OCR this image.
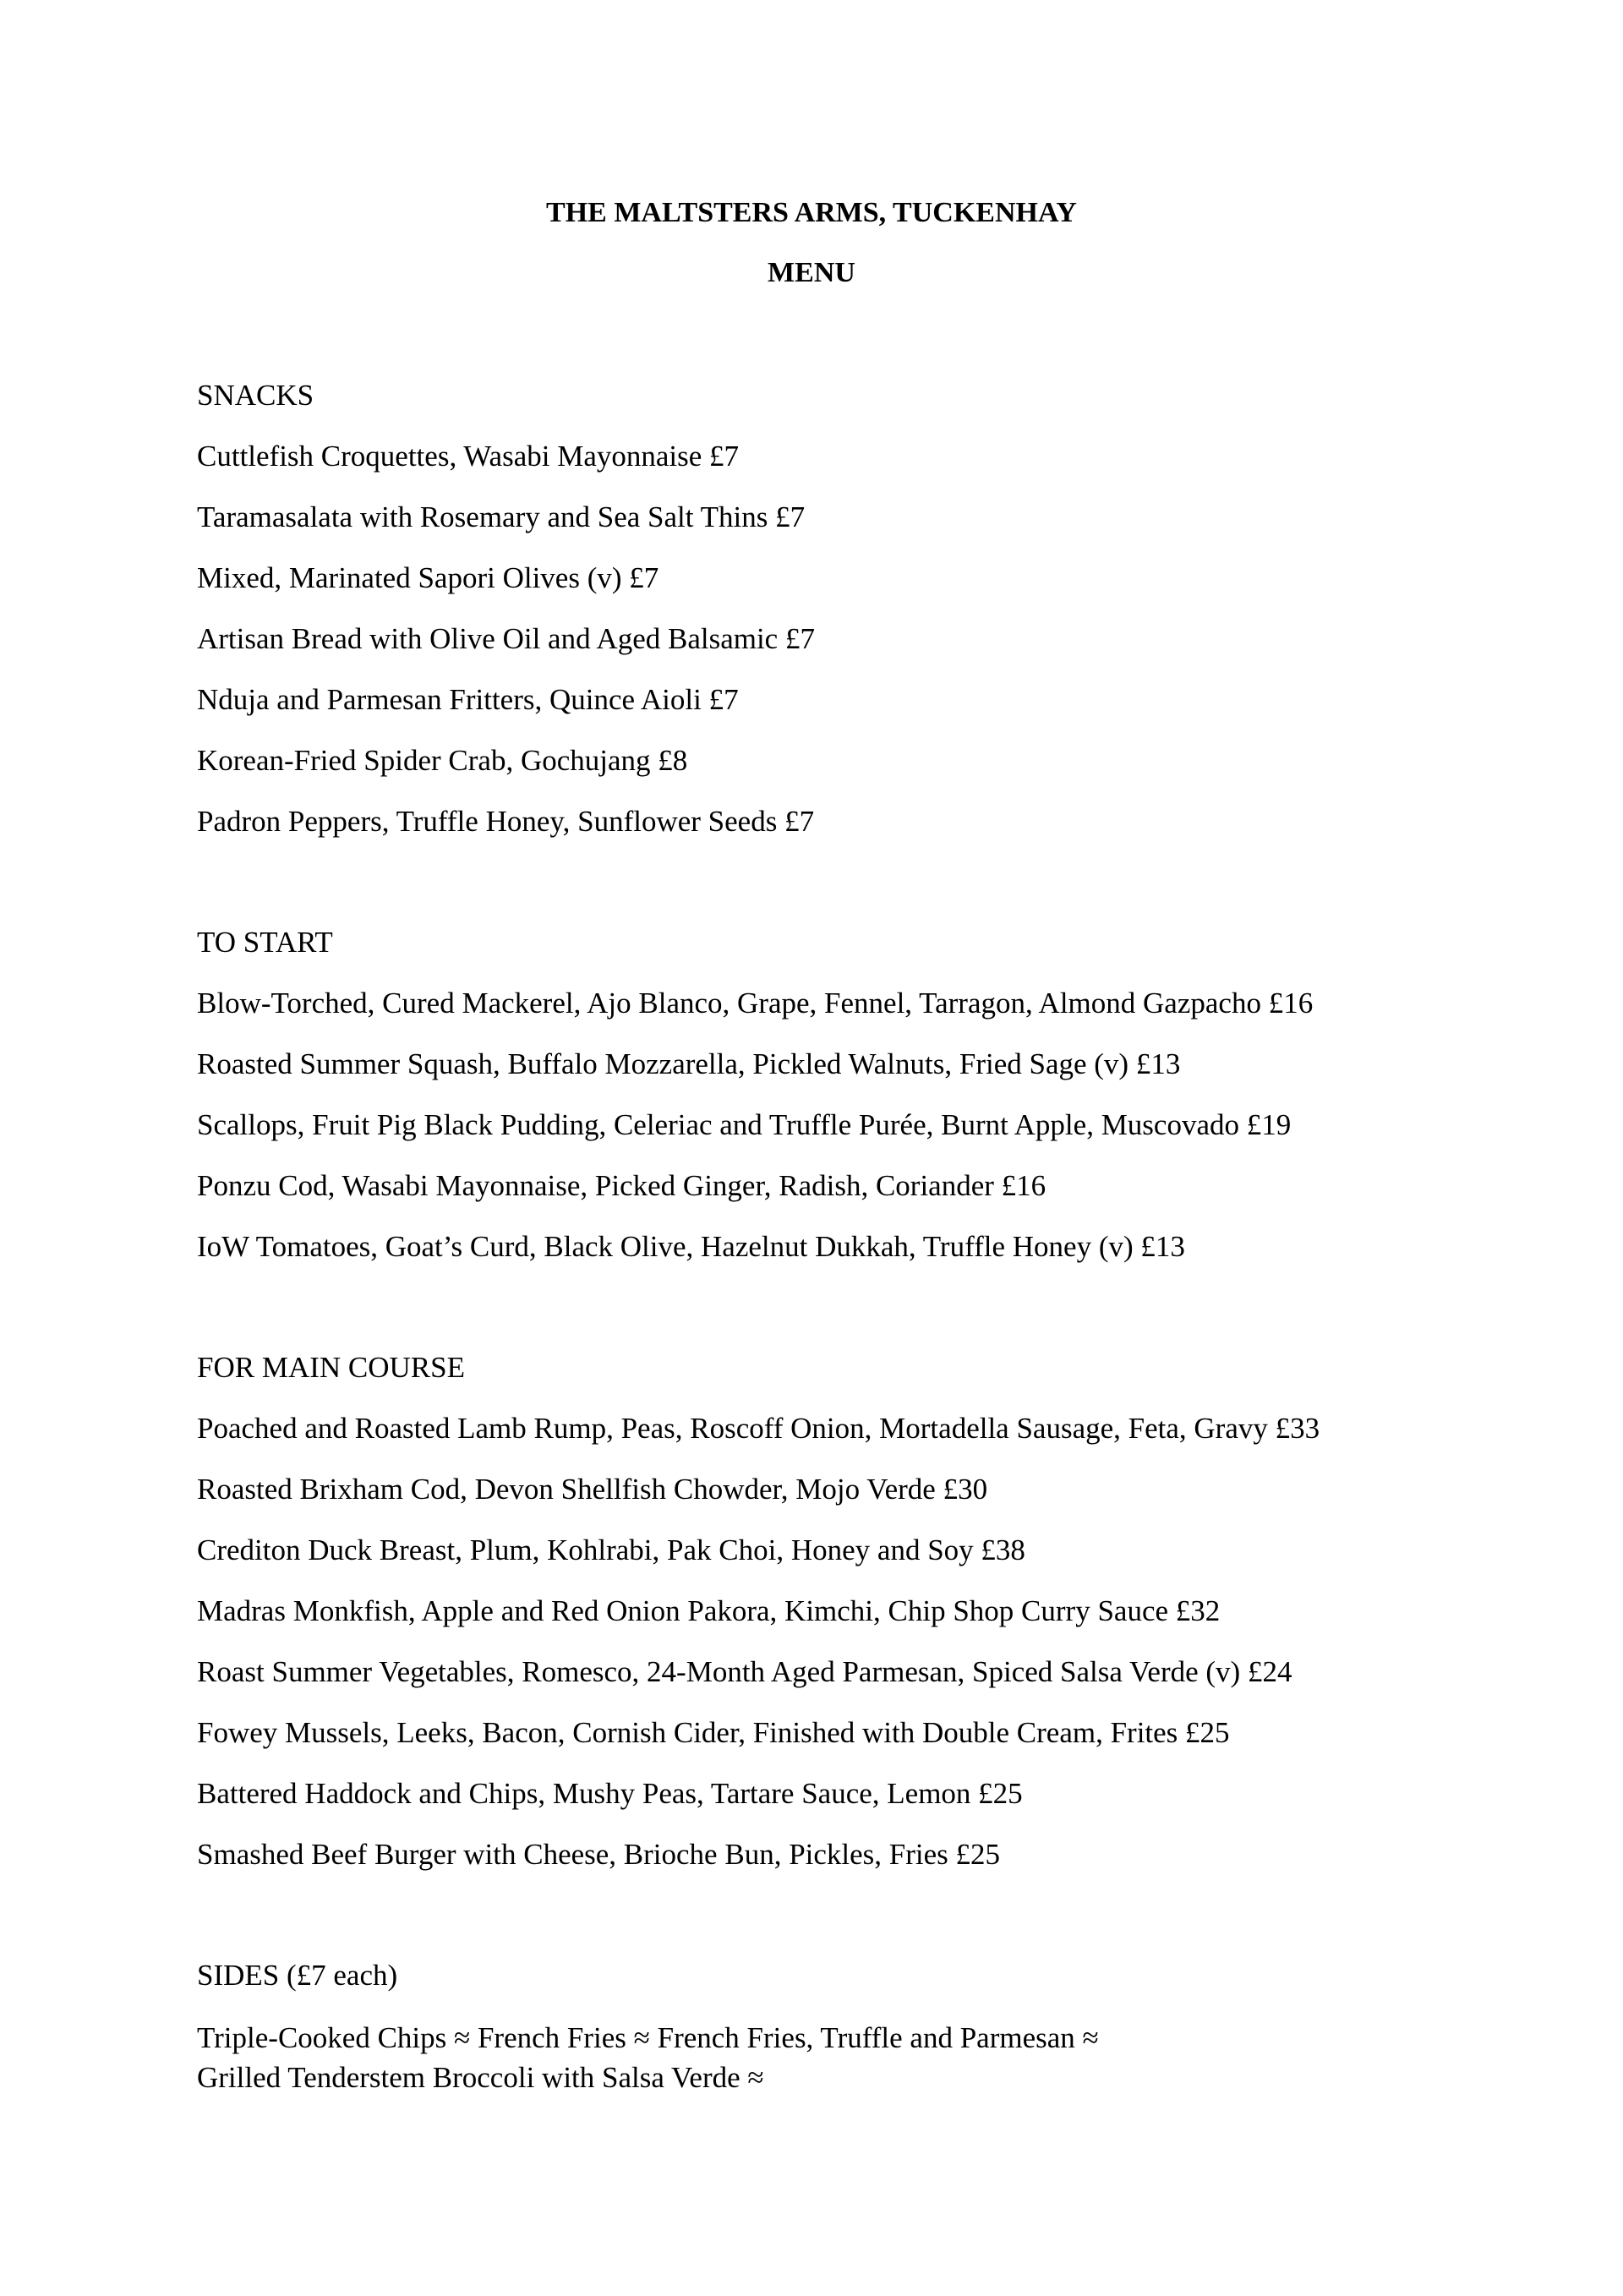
THE MALTSTERS ARMS, TUCKENHAY
MENU
SNACKS
Cuttlefish Croquettes, Wasabi Mayonnaise £7
Taramasalata with Rosemary and Sea Salt Thins £7
Mixed, Marinated Sapori Olives (v) £7
Artisan Bread with Olive Oil and Aged Balsamic £7
Nduja and Parmesan Fritters, Quince Aioli £7
Korean-Fried Spider Crab, Gochujang £8
Padron Peppers, Truffle Honey, Sunflower Seeds £7
TO START
Blow-Torched, Cured Mackerel, Ajo Blanco, Grape, Fennel, Tarragon, Almond Gazpacho £16
Roasted Summer Squash, Buffalo Mozzarella, Pickled Walnuts, Fried Sage (v) £13
Scallops, Fruit Pig Black Pudding, Celeriac and Truffle Purée, Burnt Apple, Muscovado £19
Ponzu Cod, Wasabi Mayonnaise, Picked Ginger, Radish, Coriander £16
IoW Tomatoes, Goat’s Curd, Black Olive, Hazelnut Dukkah, Truffle Honey (v) £13
FOR MAIN COURSE
Poached and Roasted Lamb Rump, Peas, Roscoff Onion, Mortadella Sausage, Feta, Gravy £33
Roasted Brixham Cod, Devon Shellfish Chowder, Mojo Verde £30
Crediton Duck Breast, Plum, Kohlrabi, Pak Choi, Honey and Soy £38
Madras Monkfish, Apple and Red Onion Pakora, Kimchi, Chip Shop Curry Sauce £32
Roast Summer Vegetables, Romesco, 24-Month Aged Parmesan, Spiced Salsa Verde (v) £24
Fowey Mussels, Leeks, Bacon, Cornish Cider, Finished with Double Cream, Frites £25
Battered Haddock and Chips, Mushy Peas, Tartare Sauce, Lemon £25
Smashed Beef Burger with Cheese, Brioche Bun, Pickles, Fries £25
SIDES (£7 each)
Triple-Cooked Chips ≈ French Fries ≈ French Fries, Truffle and Parmesan ≈
Grilled Tenderstem Broccoli with Salsa Verde ≈
